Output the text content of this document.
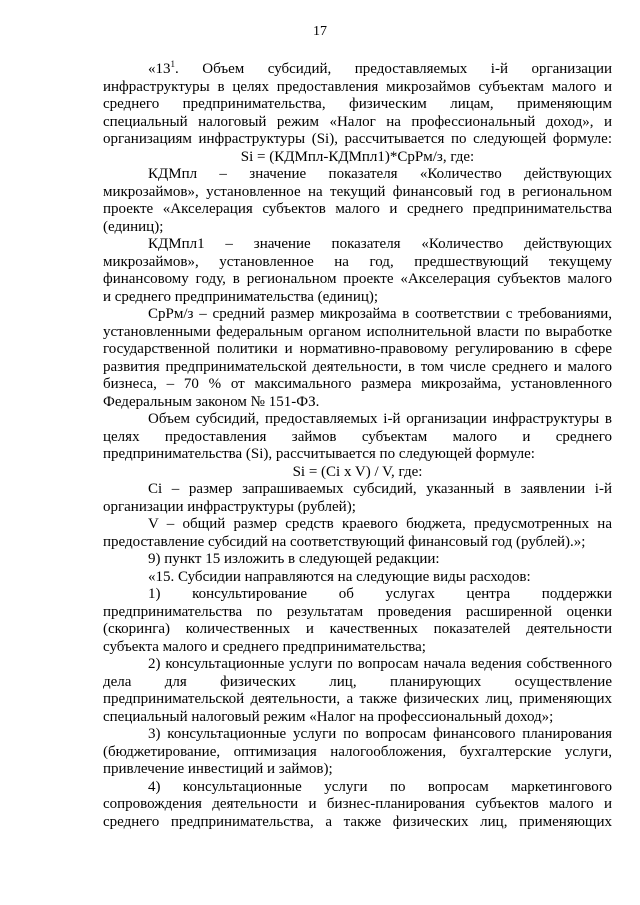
17
«$13^1$. Объем субсидий, предоставляемых i-й организации
инфраструктуры в целях предоставления микрозаймов субъектам малого и
среднего предпринимательства, физическим лицам, применяющим
специальный налоговый режим «Налог на профессиональный доход», и
организациям инфраструктуры (Si), рассчитывается по следующей формуле:
Si = (КДМпл-КДМпл1)*СрРм/з, где:
КДМпл – значение показателя «Количество действующих
микрозаймов», установленное на текущий финансовый год в региональном
проекте «Акселерация субъектов малого и среднего предпринимательства
(единиц);
КДМпл1 – значение показателя «Количество действующих
микрозаймов», установленное на год, предшествующий текущему
финансовому году, в региональном проекте «Акселерация субъектов малого
и среднего предпринимательства (единиц);
СрРм/з – средний размер микрозайма в соответствии с требованиями,
установленными федеральным органом исполнительной власти по выработке
государственной политики и нормативно-правовому регулированию в сфере
развития предпринимательской деятельности, в том числе среднего и малого
бизнеса, – 70 % от максимального размера микрозайма, установленного
Федеральным законом № 151-ФЗ.
Объем субсидий, предоставляемых i-й организации инфраструктуры в
целях предоставления займов субъектам малого и среднего
предпринимательства (Si), рассчитывается по следующей формуле:
Si = (Ci x V) / V, где:
Ci – размер запрашиваемых субсидий, указанный в заявлении i-й
организации инфраструктуры (рублей);
V – общий размер средств краевого бюджета, предусмотренных на
предоставление субсидий на соответствующий финансовый год (рублей).»;
9) пункт 15 изложить в следующей редакции:
«15. Субсидии направляются на следующие виды расходов:
1) консультирование об услугах центра поддержки
предпринимательства по результатам проведения расширенной оценки
(скоринга) количественных и качественных показателей деятельности
субъекта малого и среднего предпринимательства;
2) консультационные услуги по вопросам начала ведения собственного
дела для физических лиц, планирующих осуществление
предпринимательской деятельности, а также физических лиц, применяющих
специальный налоговый режим «Налог на профессиональный доход»;
3) консультационные услуги по вопросам финансового планирования
(бюджетирование, оптимизация налогообложения, бухгалтерские услуги,
привлечение инвестиций и займов);
4) консультационные услуги по вопросам маркетингового
сопровождения деятельности и бизнес-планирования субъектов малого и
среднего предпринимательства, а также физических лиц, применяющих
